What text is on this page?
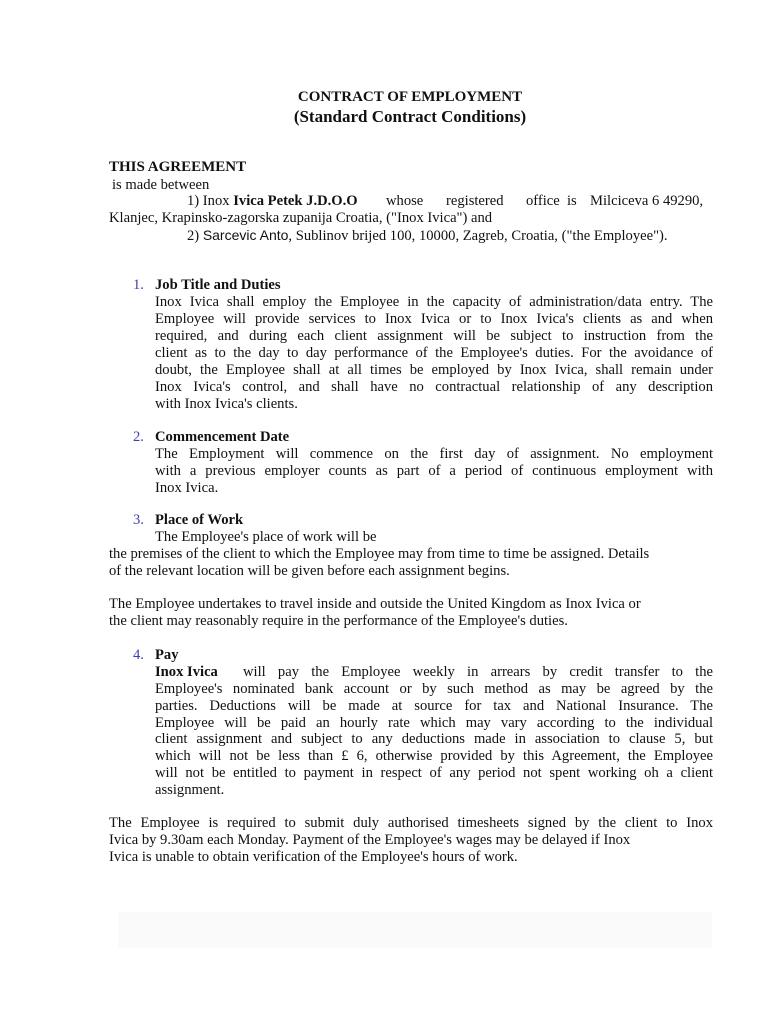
CONTRACT OF EMPLOYMENT
(Standard Contract Conditions)
THIS AGREEMENT
is made between
1) Inox Ivica Petek J.D.O.O whose registered office is Milciceva 6 49290,
Klanjec, Krapinsko-zagorska zupanija Croatia, ("Inox Ivica") and
2) Sarcevic Anto, Sublinov brijed 100, 10000, Zagreb, Croatia, ("the Employee").
1. Job Title and Duties
Inox Ivica shall employ the Employee in the capacity of administration/data entry. The
Employee will provide services to Inox Ivica or to Inox Ivica's clients as and when
required, and during each client assignment will be subject to instruction from the
client as to the day to day performance of the Employee's duties. For the avoidance of
doubt, the Employee shall at all times be employed by Inox Ivica, shall remain under
Inox Ivica's control, and shall have no contractual relationship of any description
with Inox Ivica's clients.
2. Commencement Date
The Employment will commence on the first day of assignment. No employment
with a previous employer counts as part of a period of continuous employment with
Inox Ivica.
3. Place of Work
The Employee's place of work will be
the premises of the client to which the Employee may from time to time be assigned. Details
of the relevant location will be given before each assignment begins.
The Employee undertakes to travel inside and outside the United Kingdom as Inox Ivica or
the client may reasonably require in the performance of the Employee's duties.
4. Pay
Inox Ivica will pay the Employee weekly in arrears by credit transfer to the
Employee's nominated bank account or by such method as may be agreed by the
parties. Deductions will be made at source for tax and National Insurance. The
Employee will be paid an hourly rate which may vary according to the individual
client assignment and subject to any deductions made in association to clause 5, but
which will not be less than £ 6, otherwise provided by this Agreement, the Employee
will not be entitled to payment in respect of any period not spent working oh a client
assignment.
The Employee is required to submit duly authorised timesheets signed by the client to Inox
Ivica by 9.30am each Monday. Payment of the Employee's wages may be delayed if Inox
Ivica is unable to obtain verification of the Employee's hours of work.
